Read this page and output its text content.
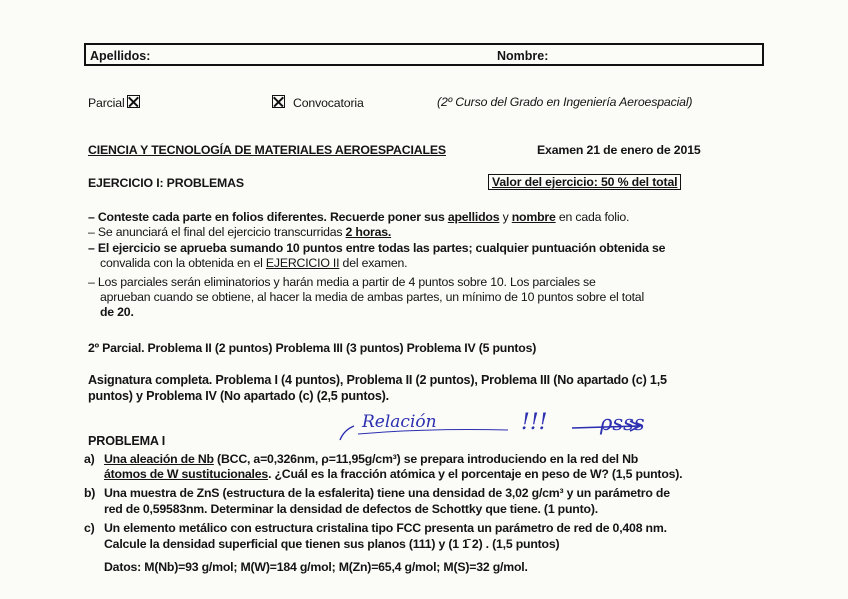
Apellidos:	Nombre:
Parcial	Convocatoria	(2º Curso del Grado en Ingeniería Aeroespacial)
CIENCIA Y TECNOLOGÍA DE MATERIALES AEROESPACIALES	Examen 21 de enero de 2015
EJERCICIO I: PROBLEMAS	Valor del ejercicio: 50 % del total
– Conteste cada parte en folios diferentes. Recuerde poner sus apellidos y nombre en cada folio.
– Se anunciará el final del ejercicio transcurridas 2 horas.
– El ejercicio se aprueba sumando 10 puntos entre todas las partes; cualquier puntuación obtenida se
convalida con la obtenida en el EJERCICIO II del examen.
– Los parciales serán eliminatorios y harán media a partir de 4 puntos sobre 10. Los parciales se
aprueban cuando se obtiene, al hacer la media de ambas partes, un mínimo de 10 puntos sobre el total
de 20.
2º Parcial. Problema II (2 puntos) Problema III (3 puntos) Problema IV (5 puntos)
Asignatura completa. Problema I (4 puntos), Problema II (2 puntos), Problema III (No apartado (c) 1,5
puntos) y Problema IV (No apartado (c) (2,5 puntos).
PROBLEMA I
a) Una aleación de Nb (BCC, a=0,326nm, ρ=11,95g/cm³) se prepara introduciendo en la red del Nb
átomos de W sustitucionales. ¿Cuál es la fracción atómica y el porcentaje en peso de W? (1,5 puntos).
b) Una muestra de ZnS (estructura de la esfalerita) tiene una densidad de 3,02 g/cm³ y un parámetro de
red de 0,59583nm. Determinar la densidad de defectos de Schottky que tiene. (1 punto).
c) Un elemento metálico con estructura cristalina tipo FCC presenta un parámetro de red de 0,408 nm.
Calcule la densidad superficial que tienen sus planos (111) y (1 1̄ 2) . (1,5 puntos)
Datos: M(Nb)=93 g/mol; M(W)=184 g/mol; M(Zn)=65,4 g/mol; M(S)=32 g/mol.
Relación	!!! ρsss
